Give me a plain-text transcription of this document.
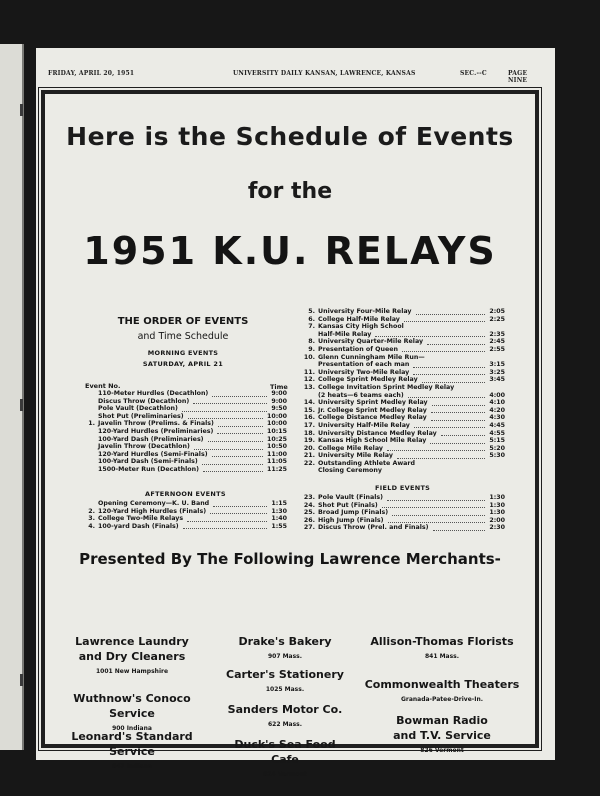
FRIDAY, APRIL 20, 1951	UNIVERSITY DAILY KANSAN, LAWRENCE, KANSAS	SEC.--C	PAGE NINE
Here is the Schedule of Events
for the
1951 K.U. RELAYS
THE ORDER OF EVENTS
and Time Schedule
MORNING EVENTS
SATURDAY, APRIL 21
Event No.	Time
110-Meter Hurdles (Decathlon)	9:00
Discus Throw (Decathlon)	9:00
Pole Vault (Decathlon)	9:50
Shot Put (Preliminaries)	10:00
1. Javelin Throw (Prelims. & Finals)	10:00
120-Yard Hurdles (Preliminaries)	10:15
100-Yard Dash (Preliminaries)	10:25
Javelin Throw (Decathlon)	10:50
120-Yard Hurdles (Semi-Finals)	11:00
100-Yard Dash (Semi-Finals)	11:05
1500-Meter Run (Decathlon)	11:25
AFTERNOON EVENTS
Opening Ceremony—K. U. Band	1:15
2. 120-Yard High Hurdles (Finals)	1:30
3. College Two-Mile Relays	1:40
4. 100-yard Dash (Finals)	1:55
5. University Four-Mile Relay	2:05
6. College Half-Mile Relay	2:25
7. Kansas City High School
Half-Mile Relay	2:35
8. University Quarter-Mile Relay	2:45
9. Presentation of Queen	2:55
10. Glenn Cunningham Mile Run—
Presentation of each man	3:15
11. University Two-Mile Relay	3:25
12. College Sprint Medley Relay	3:45
13. College Invitation Sprint Medley Relay
(2 heats—6 teams each)	4:00
14. University Sprint Medley Relay	4:10
15. Jr. College Sprint Medley Relay	4:20
16. College Distance Medley Relay	4:30
17. University Half-Mile Relay	4:45
18. University Distance Medley Relay	4:55
19. Kansas High School Mile Relay	5:15
20. College Mile Relay	5:20
21. University Mile Relay	5:30
22. Outstanding Athlete Award
Closing Ceremony
FIELD EVENTS
23. Pole Vault (Finals)	1:30
24. Shot Put (Finals)	1:30
25. Broad Jump (Finals)	1:30
26. High Jump (Finals)	2:00
27. Discus Throw (Prel. and Finals)	2:30
Presented By The Following Lawrence Merchants-
Lawrence Laundry
and Dry Cleaners
1001 New Hampshire
Drake's Bakery
907 Mass.
Allison-Thomas Florists
841 Mass.
Carter's Stationery
1025 Mass.
Wuthnow's Conoco Service
900 Indiana
Commonwealth Theaters
Granada-Patee-Drive-In.
Sanders Motor Co.
622 Mass.
Leonard's Standard Service
847 Indiana
Duck's Sea Food Cafe
824 Vermont
Bowman Radio
and T.V. Service
826 Vermont
